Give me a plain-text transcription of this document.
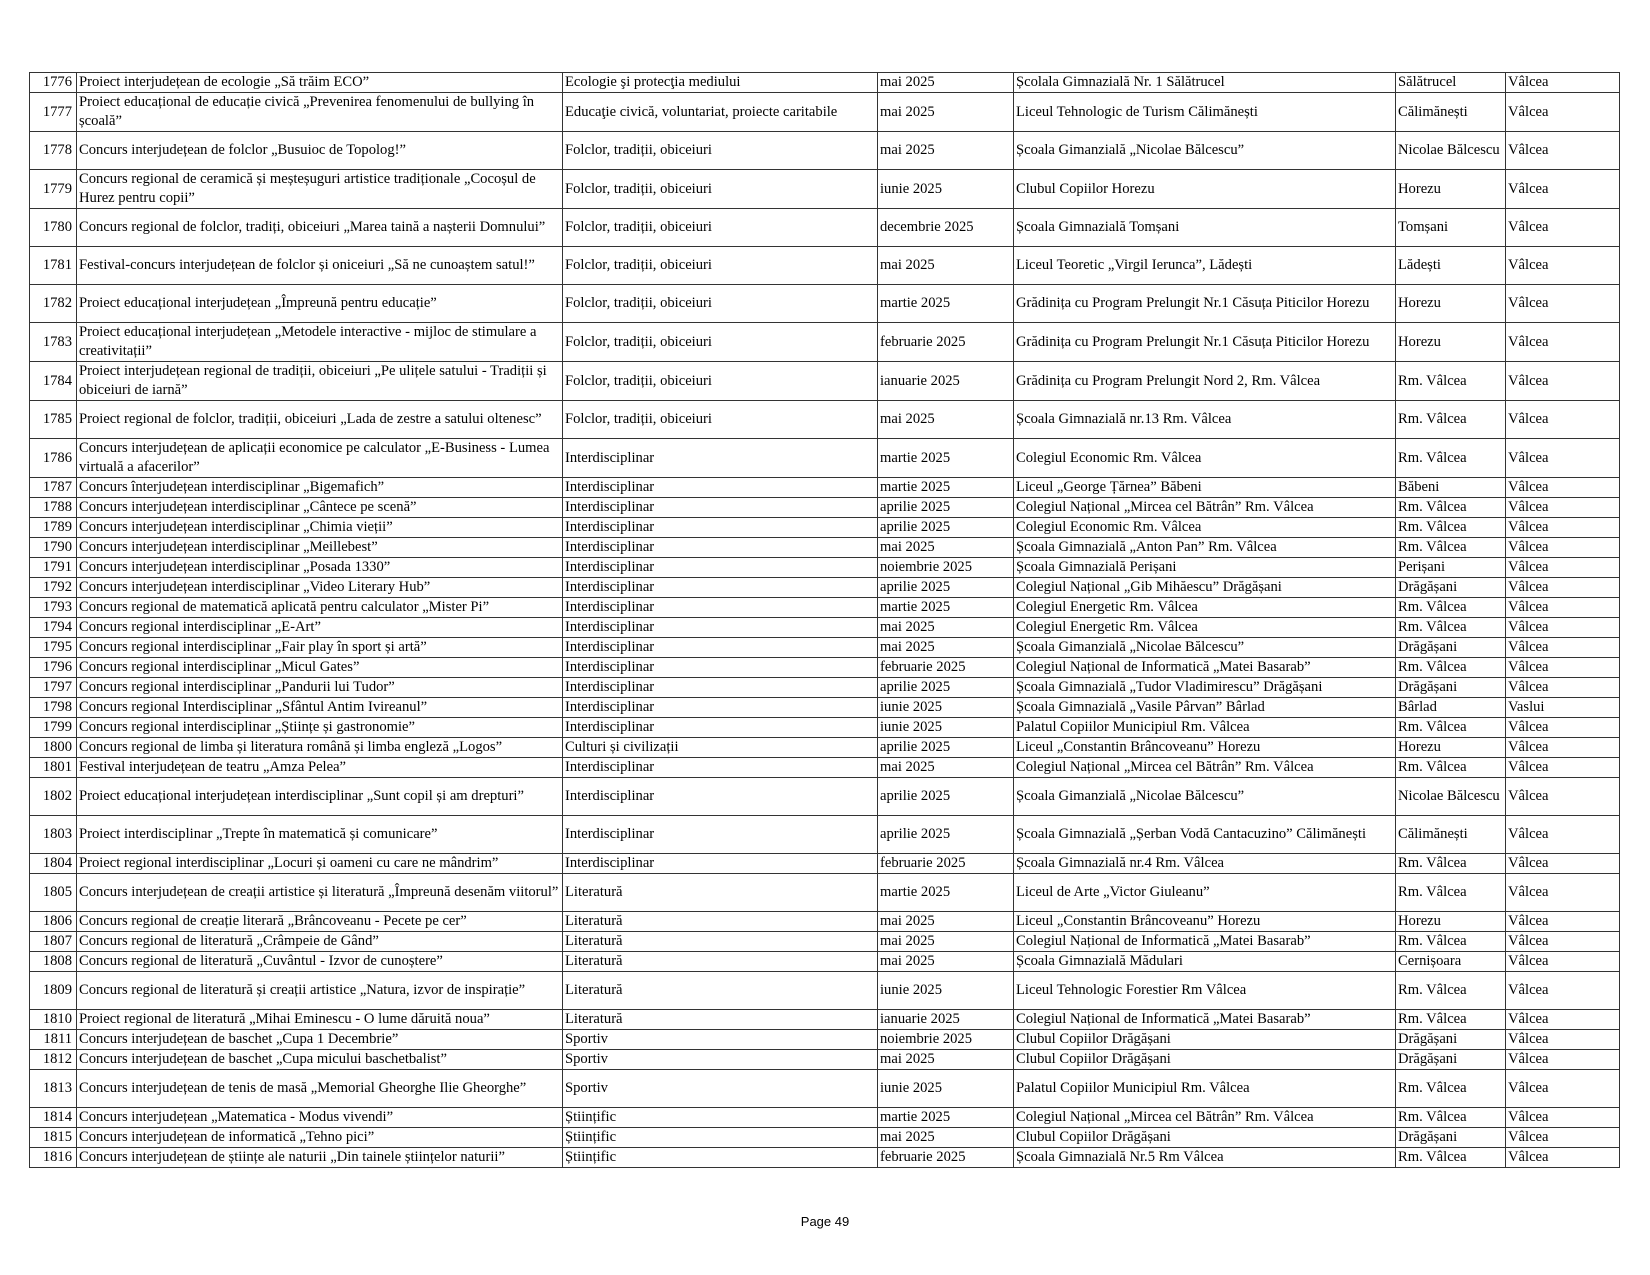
1776	Proiect interjudețean de ecologie „Să trăim ECO”	Ecologie şi protecţia mediului	mai 2025	Școlala Gimnazială Nr. 1 Sălătrucel	Sălătrucel	Vâlcea
1777	Proiect educațional de educație civică „Prevenirea fenomenului de bullying în școală”	Educaţie civică, voluntariat, proiecte caritabile	mai 2025	Liceul Tehnologic de Turism Călimănești	Călimănești	Vâlcea
1778	Concurs interjudețean de folclor „Busuioc de Topolog!”	Folclor, tradiții, obiceiuri	mai 2025	Școala Gimanzială „Nicolae Bălcescu”	Nicolae Bălcescu	Vâlcea
1779	Concurs regional de ceramică și meșteșuguri artistice tradiționale „Cocoșul de Hurez pentru copii”	Folclor, tradiții, obiceiuri	iunie 2025	Clubul Copiilor Horezu	Horezu	Vâlcea
1780	Concurs regional de folclor, tradiți, obiceiuri „Marea taină a nașterii Domnului”	Folclor, tradiții, obiceiuri	decembrie 2025	Școala Gimnazială Tomșani	Tomșani	Vâlcea
1781	Festival-concurs interjudețean de folclor și oniceiuri „Să ne cunoaștem satul!”	Folclor, tradiții, obiceiuri	mai 2025	Liceul Teoretic „Virgil Ierunca”, Lădești	Lădești	Vâlcea
1782	Proiect educațional interjudețean „Împreună pentru educație”	Folclor, tradiții, obiceiuri	martie 2025	Grădinița cu Program Prelungit Nr.1 Căsuța Piticilor Horezu	Horezu	Vâlcea
1783	Proiect educațional interjudețean „Metodele interactive - mijloc de stimulare a creativitații”	Folclor, tradiții, obiceiuri	februarie 2025	Grădinița cu Program Prelungit Nr.1 Căsuța Piticilor Horezu	Horezu	Vâlcea
1784	Proiect interjudețean regional de tradiții, obiceiuri „Pe ulițele satului - Tradiții și obiceiuri de iarnă”	Folclor, tradiții, obiceiuri	ianuarie 2025	Grădinița cu Program Prelungit Nord 2, Rm. Vâlcea	Rm. Vâlcea	Vâlcea
1785	Proiect regional de folclor, tradiții, obiceiuri „Lada de zestre a satului oltenesc”	Folclor, tradiții, obiceiuri	mai 2025	Școala Gimnazială nr.13 Rm. Vâlcea	Rm. Vâlcea	Vâlcea
1786	Concurs interjudețean de aplicații economice pe calculator „E-Business - Lumea virtuală a afacerilor”	Interdisciplinar	martie 2025	Colegiul Economic Rm. Vâlcea	Rm. Vâlcea	Vâlcea
1787	Concurs înterjudețean interdisciplinar „Bigemafich”	Interdisciplinar	martie 2025	Liceul „George Țărnea” Băbeni	Băbeni	Vâlcea
1788	Concurs interjudețean interdisciplinar „Cântece pe scenă”	Interdisciplinar	aprilie 2025	Colegiul Național „Mircea cel Bătrân” Rm. Vâlcea	Rm. Vâlcea	Vâlcea
1789	Concurs interjudețean interdisciplinar „Chimia vieții”	Interdisciplinar	aprilie 2025	Colegiul Economic Rm. Vâlcea	Rm. Vâlcea	Vâlcea
1790	Concurs interjudețean interdisciplinar „Meillebest”	Interdisciplinar	mai 2025	Școala Gimnazială „Anton Pan” Rm. Vâlcea	Rm. Vâlcea	Vâlcea
1791	Concurs interjudețean interdisciplinar „Posada 1330”	Interdisciplinar	noiembrie 2025	Școala Gimnazială Perișani	Perișani	Vâlcea
1792	Concurs interjudețean interdisciplinar „Video Literary Hub”	Interdisciplinar	aprilie 2025	Colegiul Național „Gib Mihăescu” Drăgășani	Drăgășani	Vâlcea
1793	Concurs regional de matematică aplicată pentru calculator „Mister Pi”	Interdisciplinar	martie 2025	Colegiul Energetic Rm. Vâlcea	Rm. Vâlcea	Vâlcea
1794	Concurs regional interdisciplinar „E-Art”	Interdisciplinar	mai 2025	Colegiul Energetic Rm. Vâlcea	Rm. Vâlcea	Vâlcea
1795	Concurs regional interdisciplinar „Fair play în sport și artă”	Interdisciplinar	mai 2025	Școala Gimanzială „Nicolae Bălcescu”	Drăgășani	Vâlcea
1796	Concurs regional interdisciplinar „Micul Gates”	Interdisciplinar	februarie 2025	Colegiul Național de Informatică „Matei Basarab”	Rm. Vâlcea	Vâlcea
1797	Concurs regional interdisciplinar „Pandurii lui Tudor”	Interdisciplinar	aprilie 2025	Școala Gimnazială „Tudor Vladimirescu” Drăgășani	Drăgășani	Vâlcea
1798	Concurs regional Interdisciplinar „Sfântul Antim Ivireanul”	Interdisciplinar	iunie 2025	Școala Gimnazială „Vasile Pârvan” Bârlad	Bârlad	Vaslui
1799	Concurs regional interdisciplinar „Științe și gastronomie”	Interdisciplinar	iunie 2025	Palatul Copiilor Municipiul Rm. Vâlcea	Rm. Vâlcea	Vâlcea
1800	Concurs regional de limba și literatura română și limba engleză „Logos”	Culturi și civilizații	aprilie 2025	Liceul „Constantin Brâncoveanu” Horezu	Horezu	Vâlcea
1801	Festival interjudețean de teatru „Amza Pelea”	Interdisciplinar	mai 2025	Colegiul Național „Mircea cel Bătrân” Rm. Vâlcea	Rm. Vâlcea	Vâlcea
1802	Proiect educațional interjudețean interdisciplinar „Sunt copil și am drepturi”	Interdisciplinar	aprilie 2025	Școala Gimanzială „Nicolae Bălcescu”	Nicolae Bălcescu	Vâlcea
1803	Proiect interdisciplinar „Trepte în matematică și comunicare”	Interdisciplinar	aprilie 2025	Școala Gimnazială „Șerban Vodă Cantacuzino” Călimănești	Călimănești	Vâlcea
1804	Proiect regional interdisciplinar „Locuri și oameni cu care ne mândrim”	Interdisciplinar	februarie 2025	Școala Gimnazială nr.4 Rm. Vâlcea	Rm. Vâlcea	Vâlcea
1805	Concurs interjudețean de creații artistice și literatură „Împreună desenăm viitorul”	Literatură	martie 2025	Liceul de Arte „Victor Giuleanu”	Rm. Vâlcea	Vâlcea
1806	Concurs regional de creație literară „Brâncoveanu - Pecete pe cer”	Literatură	mai 2025	Liceul „Constantin Brâncoveanu” Horezu	Horezu	Vâlcea
1807	Concurs regional de literatură „Crâmpeie de Gând”	Literatură	mai 2025	Colegiul Național de Informatică „Matei Basarab”	Rm. Vâlcea	Vâlcea
1808	Concurs regional de literatură „Cuvântul - Izvor de cunoștere”	Literatură	mai 2025	Școala Gimnazială Mădulari	Cernișoara	Vâlcea
1809	Concurs regional de literatură și creații artistice „Natura, izvor de inspirație”	Literatură	iunie 2025	Liceul Tehnologic Forestier Rm Vâlcea	Rm. Vâlcea	Vâlcea
1810	Proiect regional de literatură „Mihai Eminescu - O lume dăruită noua”	Literatură	ianuarie 2025	Colegiul Național de Informatică „Matei Basarab”	Rm. Vâlcea	Vâlcea
1811	Concurs interjudețean de baschet „Cupa 1 Decembrie”	Sportiv	noiembrie 2025	Clubul Copiilor Drăgășani	Drăgășani	Vâlcea
1812	Concurs interjudețean de baschet „Cupa micului baschetbalist”	Sportiv	mai 2025	Clubul Copiilor Drăgășani	Drăgășani	Vâlcea
1813	Concurs interjudețean de tenis de masă „Memorial Gheorghe Ilie Gheorghe”	Sportiv	iunie 2025	Palatul Copiilor Municipiul Rm. Vâlcea	Rm. Vâlcea	Vâlcea
1814	Concurs interjudețean „Matematica - Modus vivendi”	Științific	martie 2025	Colegiul Național „Mircea cel Bătrân” Rm. Vâlcea	Rm. Vâlcea	Vâlcea
1815	Concurs interjudețean de informatică „Tehno pici”	Științific	mai 2025	Clubul Copiilor Drăgășani	Drăgășani	Vâlcea
1816	Concurs interjudețean de științe ale naturii „Din tainele științelor naturii”	Științific	februarie 2025	Școala Gimnazială Nr.5 Rm Vâlcea	Rm. Vâlcea	Vâlcea
Page 49
